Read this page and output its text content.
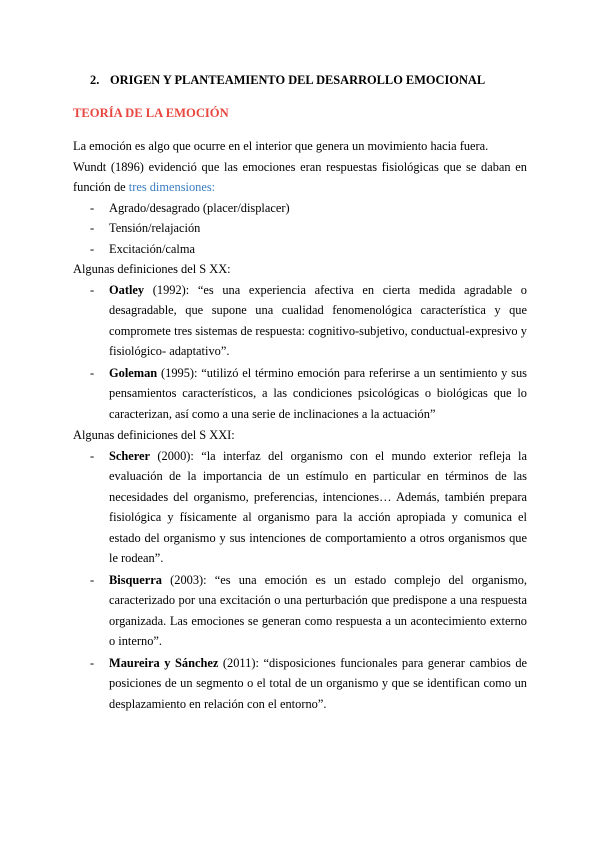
2. ORIGEN Y PLANTEAMIENTO DEL DESARROLLO EMOCIONAL

TEORÍA DE LA EMOCIÓN

La emoción es algo que ocurre en el interior que genera un movimiento hacia fuera.

Wundt (1896) evidenció que las emociones eran respuestas fisiológicas que se daban en función de tres dimensiones:

- Agrado/desagrado (placer/displacer)
- Tensión/relajación
- Excitación/calma

Algunas definiciones del S XX:

- Oatley (1992): “es una experiencia afectiva en cierta medida agradable o desagradable, que supone una cualidad fenomenológica característica y que compromete tres sistemas de respuesta: cognitivo-subjetivo, conductual-expresivo y fisiológico- adaptativo”.
- Goleman (1995): “utilizó el término emoción para referirse a un sentimiento y sus pensamientos característicos, a las condiciones psicológicas o biológicas que lo caracterizan, así como a una serie de inclinaciones a la actuación”

Algunas definiciones del S XXI:

- Scherer (2000): “la interfaz del organismo con el mundo exterior refleja la evaluación de la importancia de un estímulo en particular en términos de las necesidades del organismo, preferencias, intenciones… Además, también prepara fisiológica y físicamente al organismo para la acción apropiada y comunica el estado del organismo y sus intenciones de comportamiento a otros organismos que le rodean”.
- Bisquerra (2003): “es una emoción es un estado complejo del organismo, caracterizado por una excitación o una perturbación que predispone a una respuesta organizada. Las emociones se generan como respuesta a un acontecimiento externo o interno”.
- Maureira y Sánchez (2011): “disposiciones funcionales para generar cambios de posiciones de un segmento o el total de un organismo y que se identifican como un desplazamiento en relación con el entorno”.
